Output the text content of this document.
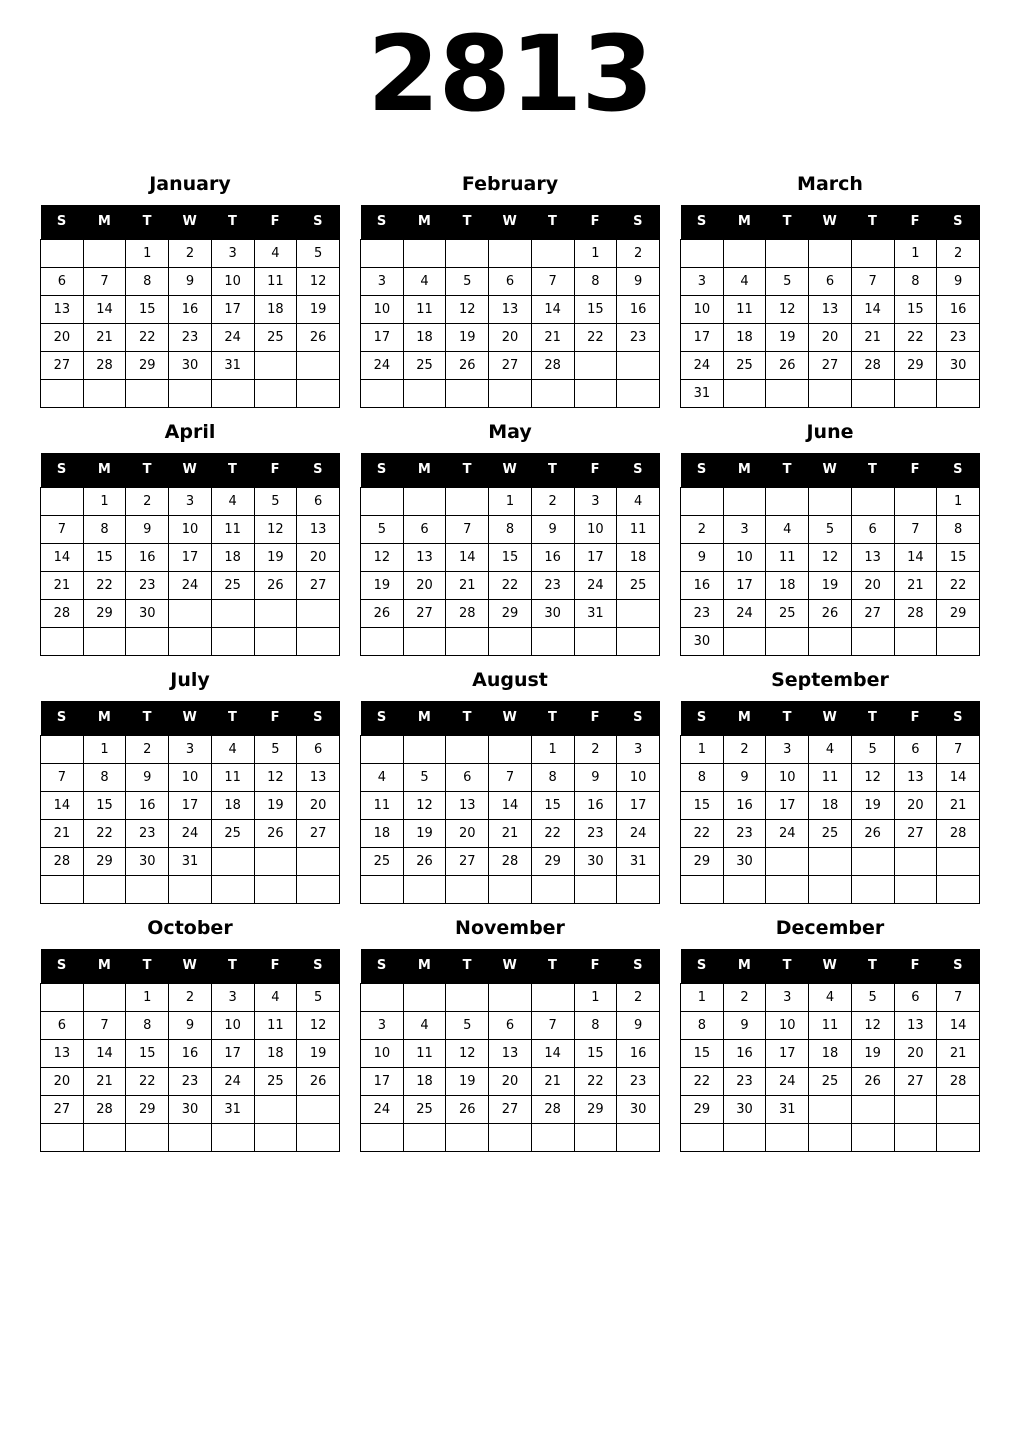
2813
January
S	M	T	W	T	F	S
		1	2	3	4	5
6	7	8	9	10	11	12
13	14	15	16	17	18	19
20	21	22	23	24	25	26
27	28	29	30	31		

February
S	M	T	W	T	F	S
					1	2
3	4	5	6	7	8	9
10	11	12	13	14	15	16
17	18	19	20	21	22	23
24	25	26	27	28		

March
S	M	T	W	T	F	S
					1	2
3	4	5	6	7	8	9
10	11	12	13	14	15	16
17	18	19	20	21	22	23
24	25	26	27	28	29	30
31						
April
S	M	T	W	T	F	S
	1	2	3	4	5	6
7	8	9	10	11	12	13
14	15	16	17	18	19	20
21	22	23	24	25	26	27
28	29	30				

May
S	M	T	W	T	F	S
			1	2	3	4
5	6	7	8	9	10	11
12	13	14	15	16	17	18
19	20	21	22	23	24	25
26	27	28	29	30	31	

June
S	M	T	W	T	F	S
						1
2	3	4	5	6	7	8
9	10	11	12	13	14	15
16	17	18	19	20	21	22
23	24	25	26	27	28	29
30						
July
S	M	T	W	T	F	S
	1	2	3	4	5	6
7	8	9	10	11	12	13
14	15	16	17	18	19	20
21	22	23	24	25	26	27
28	29	30	31			

August
S	M	T	W	T	F	S
				1	2	3
4	5	6	7	8	9	10
11	12	13	14	15	16	17
18	19	20	21	22	23	24
25	26	27	28	29	30	31

September
S	M	T	W	T	F	S
1	2	3	4	5	6	7
8	9	10	11	12	13	14
15	16	17	18	19	20	21
22	23	24	25	26	27	28
29	30					

October
S	M	T	W	T	F	S
		1	2	3	4	5
6	7	8	9	10	11	12
13	14	15	16	17	18	19
20	21	22	23	24	25	26
27	28	29	30	31		

November
S	M	T	W	T	F	S
					1	2
3	4	5	6	7	8	9
10	11	12	13	14	15	16
17	18	19	20	21	22	23
24	25	26	27	28	29	30

December
S	M	T	W	T	F	S
1	2	3	4	5	6	7
8	9	10	11	12	13	14
15	16	17	18	19	20	21
22	23	24	25	26	27	28
29	30	31				
